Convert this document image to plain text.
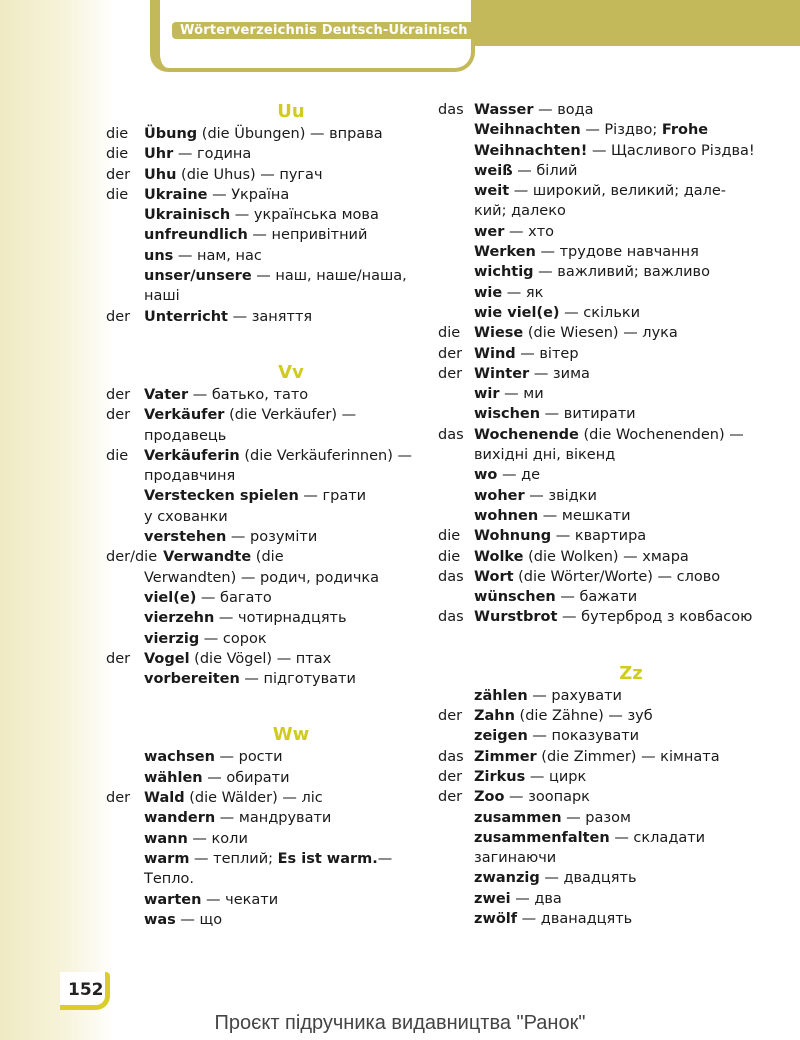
Wörterverzeichnis Deutsch-Ukrainisch
Uu
die	Übung (die Übungen) — вправа
die	Uhr — година
der Uhu (die Uhus) — пугач
die	Ukraine — Україна
Ukrainisch — українська мова
unfreundlich — непривітний
uns — нам, нас
unser/unsere — наш, наше/наша,
наші
der Unterricht — заняття
Vv
der Vater — батько, тато
der Verkäufer (die Verkäufer) —
продавець
die	Verkäuferin (die Verkäuferinnen) —
продавчиня
Verstecken spielen — грати
у схованки
verstehen — розуміти
der/die Verwandte (die
Verwandten) — родич, родичка
viel(e) — багато
vierzehn — чотирнадцять
vierzig — сорок
der Vogel (die Vögel) — птах
vorbereiten — підготувати
Ww
wachsen — рости
wählen — обирати
der Wald (die Wälder) — ліс
wandern — мандрувати
wann — коли
warm — теплий; Es ist warm.—
Тепло.
warten — чекати
was — що
das Wasser — вода
Weihnachten — Різдво; Frohe
Weihnachten! — Щасливого Різдва!
weiß — білий
weit — широкий, великий; дале-
кий; далеко
wer — хто
Werken — трудове навчання
wichtig — важливий; важливо
wie — як
wie viel(e) — скільки
die Wiese (die Wiesen) — лука
der Wind — вітер
der Winter — зима
wir — ми
wischen — витирати
das Wochenende (die Wochenenden) —
вихідні дні, вікенд
wo — де
woher — звідки
wohnen — мешкати
die Wohnung — квартира
die Wolke (die Wolken) — хмара
das Wort (die Wörter/Worte) — слово
wünschen — бажати
das Wurstbrot — бутерброд з ковбасою
Zz
zählen — рахувати
der Zahn (die Zähne) — зуб
zeigen — показувати
das Zimmer (die Zimmer) — кімната
der Zirkus — цирк
der Zoo — зоопарк
zusammen — разом
zusammenfalten — складати
загинаючи
zwanzig — двадцять
zwei — два
zwölf — дванадцять
152
Проєкт підручника видавництва "Ранок"
